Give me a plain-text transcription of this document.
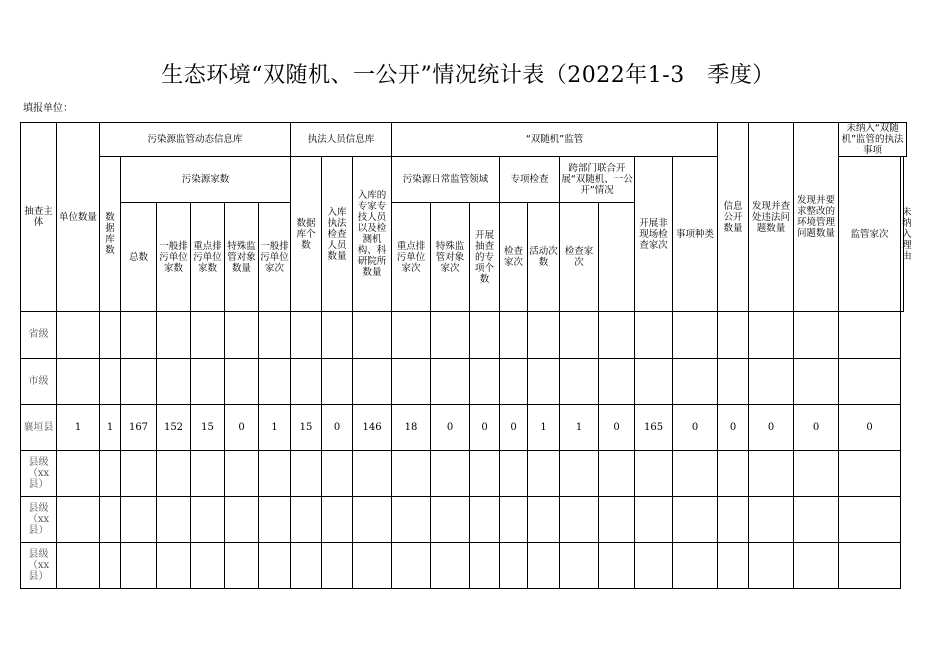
生态环境“双随机、一公开”情况统计表（2022年1-3　季度）
填报单位：
抽查主体	单位数量	污染源监管动态信息库						执法人员信息库			“双随机”监管									信息公开数量	发现并查处违法问题数量	发现并要求整改的环境管理问题数量	未纳入“双随机”监管的执法事项	
		数据库数	污染源家数					数据库个数	入库执法检查人员数量	入库的专家专技人员以及检测机构、科研院所数量	污染源日常监管领域			专项检查		跨部门联合开展“双随机、一公开”情况		开展非现场检查家次	事项种类				监管家次	未纳入理由
			总数	一般排污单位家数	重点排污单位家数	特殊监管对象数量	一般排污单位家次				重点排污单位家次	特殊监管对象家次	开展抽查的专项个数	检查家次	活动次数	检查家次								
省级																								
市级																								
襄垣县	1	1	167	152	15	0	1	15	0	146	18	0	0	0	1	1	0	165	0	0	0	0	0	
县级（xx县）																								
县级（xx县）																								
县级（xx县）																								
